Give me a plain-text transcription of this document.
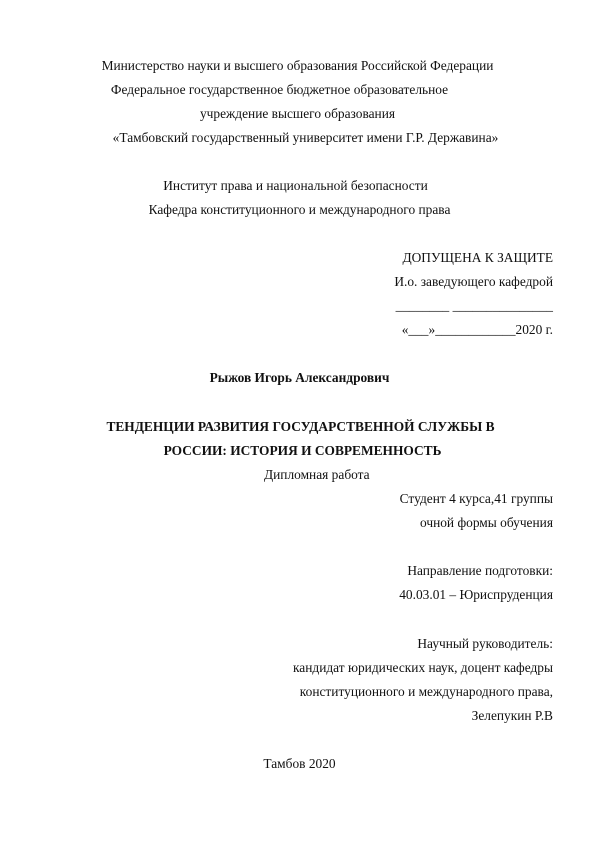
Министерство науки и высшего образования Российской Федерации
Федеральное государственное бюджетное образовательное
учреждение высшего образования
«Тамбовский государственный университет имени Г.Р. Державина»
Институт права и национальной безопасности
Кафедра конституционного и международного права
ДОПУЩЕНА К ЗАЩИТЕ
И.о. заведующего кафедрой
________ _______________
«___»____________2020 г.
Рыжов Игорь Александрович
ТЕНДЕНЦИИ РАЗВИТИЯ ГОСУДАРСТВЕННОЙ СЛУЖБЫ В
РОССИИ: ИСТОРИЯ И СОВРЕМЕННОСТЬ
Дипломная работа
Студент 4 курса,41 группы
очной формы обучения
Направление подготовки:
40.03.01 – Юриспруденция
Научный руководитель:
кандидат юридических наук, доцент кафедры
конституционного и международного права,
Зелепукин Р.В
Тамбов 2020
